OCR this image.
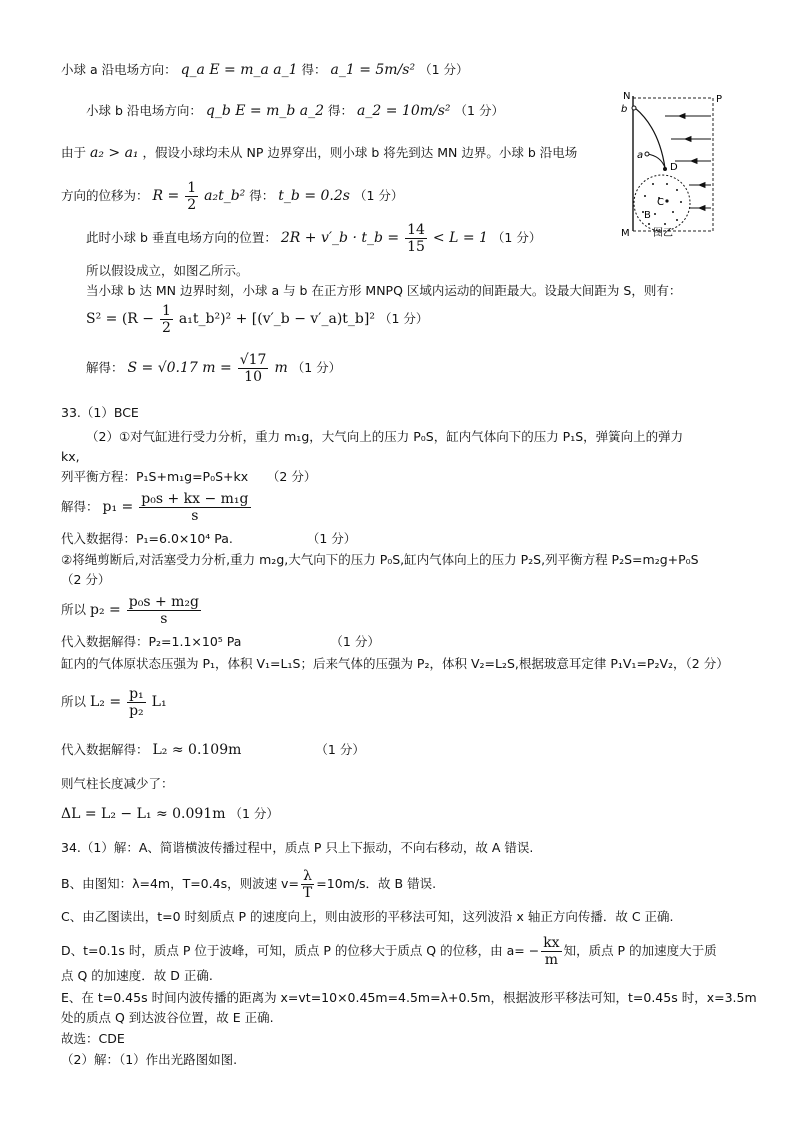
小球 a 沿电场方向： q_a E = m_a a_1 得： a_1 = 5m/s² （1 分）
小球 b 沿电场方向： q_b E = m_b a_2 得： a_2 = 10m/s² （1 分）
由于 a₂ > a₁ ，假设小球均未从 NP 边界穿出，则小球 b 将先到达 MN 边界。小球 b 沿电场
方向的位移为： $R = \frac{1}{2}$ a₂t_b² 得： t_b = 0.2s （1 分）
此时小球 b 垂直电场方向的位置： 2R + v′_b · t_b = $\frac{14}{15} < L = 1$ （1 分）
所以假设成立，如图乙所示。
当小球 b 达 MN 边界时刻，小球 a 与 b 在正方形 MNPQ 区域内运动的间距最大。设最大间距为 S，则有：
$S^2 = (R - \frac{1}{2}$ a₁t_b²)² + [(v′_b − v′_a)t_b]² （1 分）
解得： S = √0.17 $m = \frac{√17}{10}$ m （1 分）
33.（1）BCE
（2）①对气缸进行受力分析，重力 m₁g，大气向上的压力 P₀S，缸内气体向下的压力 P₁S，弹簧向上的弹力
kx,
列平衡方程：P₁S+m₁g=P₀S+kx　　（2 分）
解得： $p_1 = \frac{\text{p₀s + kx − m₁g}}{s}$
代入数据得：P₁=6.0×10⁴ Pa.	（1 分）
②将绳剪断后,对活塞受力分析,重力 m₂g,大气向下的压力 P₀S,缸内气体向上的压力 P₂S,列平衡方程 P₂S=m₂g+P₀S
（2 分）
所以 $p_2 = \frac{\text{p₀s + m₂g}}{s}$
代入数据解得：P₂=1.1×10⁵ Pa	（1 分）
缸内的气体原状态压强为 P₁，体积 V₁=L₁S；后来气体的压强为 P₂，体积 V₂=L₂S,根据玻意耳定律 P₁V₁=P₂V₂，（2 分）
所以 $L_2 = \frac{\text{p₁}}{\text{p₂}} L_1$
代入数据解得： L₂ ≈ 0.109m	（1 分）
则气柱长度减少了：
ΔL = L₂ − L₁ ≈ 0.091m （1 分）
34.（1）解：A、简谐横波传播过程中，质点 P 只上下振动，不向右移动，故 A 错误.
B、由图知：λ=4m，T=0.4s，则波速 $v= \frac{\lambda}{T} =10m/s$．故 B 错误.
C、由乙图读出，t=0 时刻质点 P 的速度向上，则由波形的平移法可知，这列波沿 x 轴正方向传播．故 C 正确.
D、t=0.1s 时，质点 P 位于波峰，可知，质点 P 的位移大于质点 Q 的位移，由 $a= - \frac{kx}{m}$ 知，质点 P 的加速度大于质
点 Q 的加速度．故 D 正确.
E、在 t=0.45s 时间内波传播的距离为 x=vt=10×0.45m=4.5m=λ+0.5m，根据波形平移法可知，t=0.45s 时，x=3.5m
处的质点 Q 到达波谷位置，故 E 正确.
故选：CDE
（2）解：（1）作出光路图如图.
N	P
b
a
D
C
B
M 图乙
